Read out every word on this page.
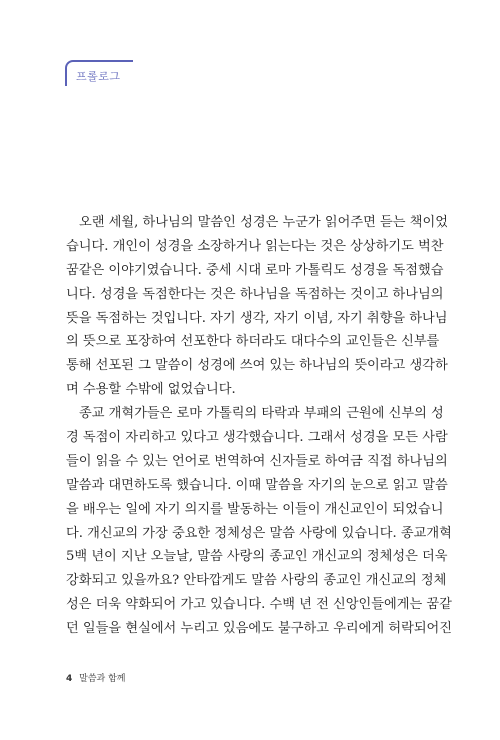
프롤로그
오랜 세월, 하나님의 말씀인 성경은 누군가 읽어주면 듣는 책이었
습니다. 개인이 성경을 소장하거나 읽는다는 것은 상상하기도 벅찬
꿈같은 이야기였습니다. 중세 시대 로마 가톨릭도 성경을 독점했습
니다. 성경을 독점한다는 것은 하나님을 독점하는 것이고 하나님의
뜻을 독점하는 것입니다. 자기 생각, 자기 이념, 자기 취향을 하나님
의 뜻으로 포장하여 선포한다 하더라도 대다수의 교인들은 신부를
통해 선포된 그 말씀이 성경에 쓰여 있는 하나님의 뜻이라고 생각하
며 수용할 수밖에 없었습니다.
종교 개혁가들은 로마 가톨릭의 타락과 부패의 근원에 신부의 성
경 독점이 자리하고 있다고 생각했습니다. 그래서 성경을 모든 사람
들이 읽을 수 있는 언어로 번역하여 신자들로 하여금 직접 하나님의
말씀과 대면하도록 했습니다. 이때 말씀을 자기의 눈으로 읽고 말씀
을 배우는 일에 자기 의지를 발동하는 이들이 개신교인이 되었습니
다. 개신교의 가장 중요한 정체성은 말씀 사랑에 있습니다. 종교개혁
5백 년이 지난 오늘날, 말씀 사랑의 종교인 개신교의 정체성은 더욱
강화되고 있을까요? 안타깝게도 말씀 사랑의 종교인 개신교의 정체
성은 더욱 약화되어 가고 있습니다. 수백 년 전 신앙인들에게는 꿈같
던 일들을 현실에서 누리고 있음에도 불구하고 우리에게 허락되어진
4 말씀과 함께
